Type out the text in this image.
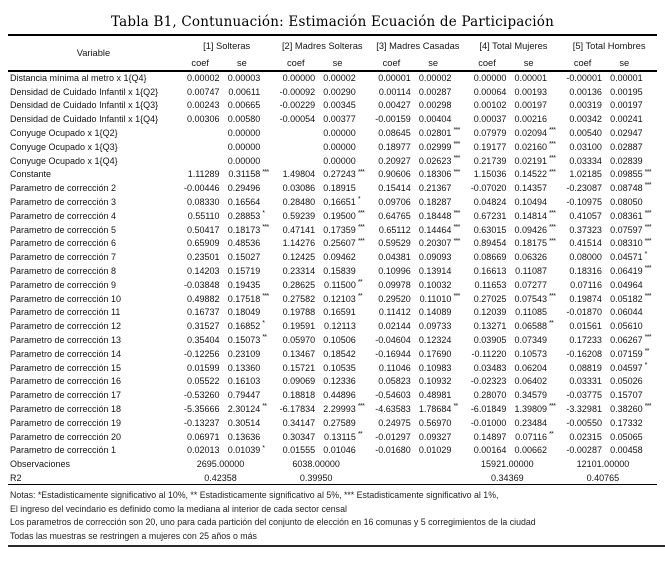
Tabla B1, Contunuación: Estimación Ecuación de Participación
Variable	[1] Solteras			[2] Madres Solteras			[3] Madres Casadas			[4] Total Mujeres			[5] Total Hombres		
	coef	se		coef	se		coef	se		coef	se		coef	se	
Distancia mínima al metro x 1{Q4}	0.00002	0.00003		0.00000	0.00002		0.00001	0.00002		0.00000	0.00001		-0.00001	0.00001	
Densidad de Cuidado Infantil x 1{Q2}	0.00747	0.00611		-0.00092	0.00290		0.00114	0.00287		0.00064	0.00193		0.00136	0.00195	
Densidad de Cuidado Infantil x 1{Q3}	0.00243	0.00665		-0.00229	0.00345		0.00427	0.00298		0.00102	0.00197		0.00319	0.00197	
Densidad de Cuidado Infantil x 1{Q4}	0.00306	0.00580		-0.00054	0.00377		-0.00159	0.00404		0.00037	0.00216		0.00342	0.00241	
Conyuge Ocupado x 1{Q2}		0.00000			0.00000		0.08645	0.02801	***	0.07979	0.02094	***	0.00540	0.02947	
Conyuge Ocupado x 1{Q3}		0.00000			0.00000		0.18977	0.02999	***	0.19177	0.02160	***	0.03100	0.02887	
Conyuge Ocupado x 1{Q4}		0.00000			0.00000		0.20927	0.02623	***	0.21739	0.02191	***	0.03334	0.02839	
Constante	1.11289	0.31158	***	1.49804	0.27243	***	0.90606	0.18306	***	1.15036	0.14522	***	1.02185	0.09855	***
Parametro de corrección 2	-0.00446	0.29496		0.03086	0.18915		0.15414	0.21367		-0.07020	0.14357		-0.23087	0.08748	***
Parametro de corrección 3	0.08330	0.16564		0.28480	0.16651	*	0.09706	0.18287		0.04824	0.10494		-0.10975	0.08050	
Parametro de corrección 4	0.55110	0.28853	*	0.59239	0.19500	***	0.64765	0.18448	***	0.67231	0.14814	***	0.41057	0.08361	***
Parametro de corrección 5	0.50417	0.18173	***	0.47141	0.17359	***	0.65112	0.14464	***	0.63015	0.09426	***	0.37323	0.07597	***
Parametro de corrección 6	0.65909	0.48536		1.14276	0.25607	***	0.59529	0.20307	***	0.89454	0.18175	***	0.41514	0.08310	***
Parametro de corrección 7	0.23501	0.15027		0.12425	0.09462		0.04381	0.09093		0.08669	0.06326		0.08000	0.04571	*
Parametro de corrección 8	0.14203	0.15719		0.23314	0.15839		0.10996	0.13914		0.16613	0.11087		0.18316	0.06419	***
Parametro de corrección 9	-0.03848	0.19435		0.28625	0.11500	**	0.09978	0.10032		0.11653	0.07277		0.07116	0.04964	
Parametro de corrección 10	0.49882	0.17518	***	0.27582	0.12103	**	0.29520	0.11010	***	0.27025	0.07543	***	0.19874	0.05182	***
Parametro de corrección 11	0.16737	0.18049		0.19788	0.16591		0.11412	0.14089		0.12039	0.11085		-0.01870	0.06044	
Parametro de corrección 12	0.31527	0.16852	*	0.19591	0.12113		0.02144	0.09733		0.13271	0.06588	**	0.01561	0.05610	
Parametro de corrección 13	0.35404	0.15073	**	0.05970	0.10506		-0.04604	0.12324		0.03905	0.07349		0.17233	0.06267	***
Parametro de corrección 14	-0.12256	0.23109		0.13467	0.18542		-0.16944	0.17690		-0.11220	0.10573		-0.16208	0.07159	**
Parametro de corrección 15	0.01599	0.13360		0.15721	0.10535		0.11046	0.10983		0.03483	0.06204		0.08819	0.04597	*
Parametro de corrección 16	0.05522	0.16103		0.09069	0.12336		0.05823	0.10932		-0.02323	0.06402		0.03331	0.05026	
Parametro de corrección 17	-0.53260	0.79447		0.18818	0.44896		-0.54603	0.48981		0.28070	0.34579		-0.03775	0.15707	
Parametro de corrección 18	-5.35666	2.30124	**	-6.17834	2.29993	***	-4.63583	1.78684	**	-6.01849	1.39809	***	-3.32981	0.38260	***
Parametro de corrección 19	-0.13237	0.30514		0.34147	0.27589		0.24975	0.56970		-0.01000	0.23484		-0.00550	0.17332	
Parametro de corrección 20	0.06971	0.13636		0.30347	0.13115	**	-0.01297	0.09327		0.14897	0.07116	**	0.02315	0.05065	
Parametro de corrección 1	0.02013	0.01039	*	0.01555	0.01046		-0.01680	0.01029		0.00164	0.00662		-0.00287	0.00458	
Observaciones	2695.00000			6038.00000						15921.00000			12101.00000		
R2	0.42358			0.39950						0.34369			0.40765		
Notas: *Estadisticamente significativo al 10%, ** Estadisticamente significativo al 5%, *** Estadisticamente significativo al 1%,
El ingreso del vecindario es definido como la mediana al interior de cada sector censal
Los parametros de corrección son 20, uno para cada partición del conjunto de elección en 16 comunas y 5 corregimientos de la ciudad
Todas las muestras se restringen a mujeres con 25 años o más
